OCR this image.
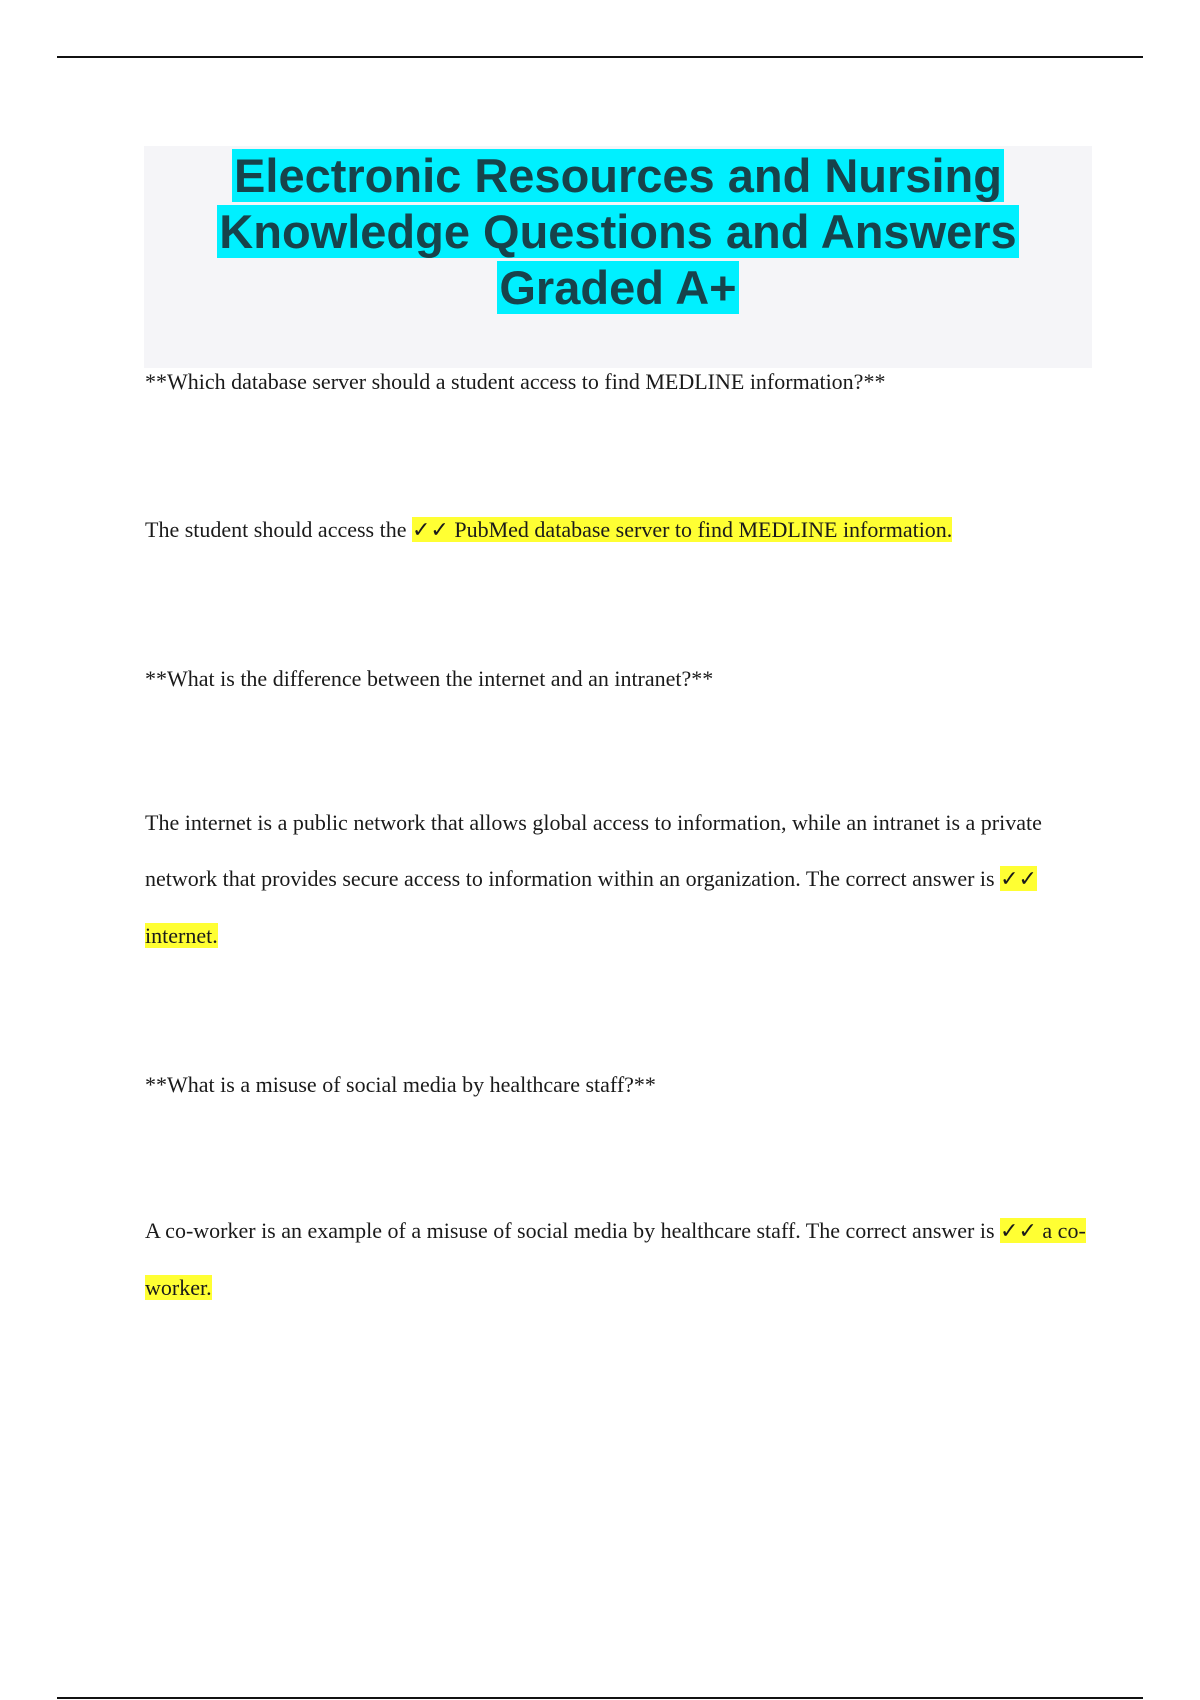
Electronic Resources and Nursing Knowledge Questions and Answers Graded A+

**Which database server should a student access to find MEDLINE information?**

The student should access the ✓✓ PubMed database server to find MEDLINE information.

**What is the difference between the internet and an intranet?**

The internet is a public network that allows global access to information, while an intranet is a private network that provides secure access to information within an organization. The correct answer is ✓✓ internet.

**What is a misuse of social media by healthcare staff?**

A co-worker is an example of a misuse of social media by healthcare staff. The correct answer is ✓✓ a co-worker.
